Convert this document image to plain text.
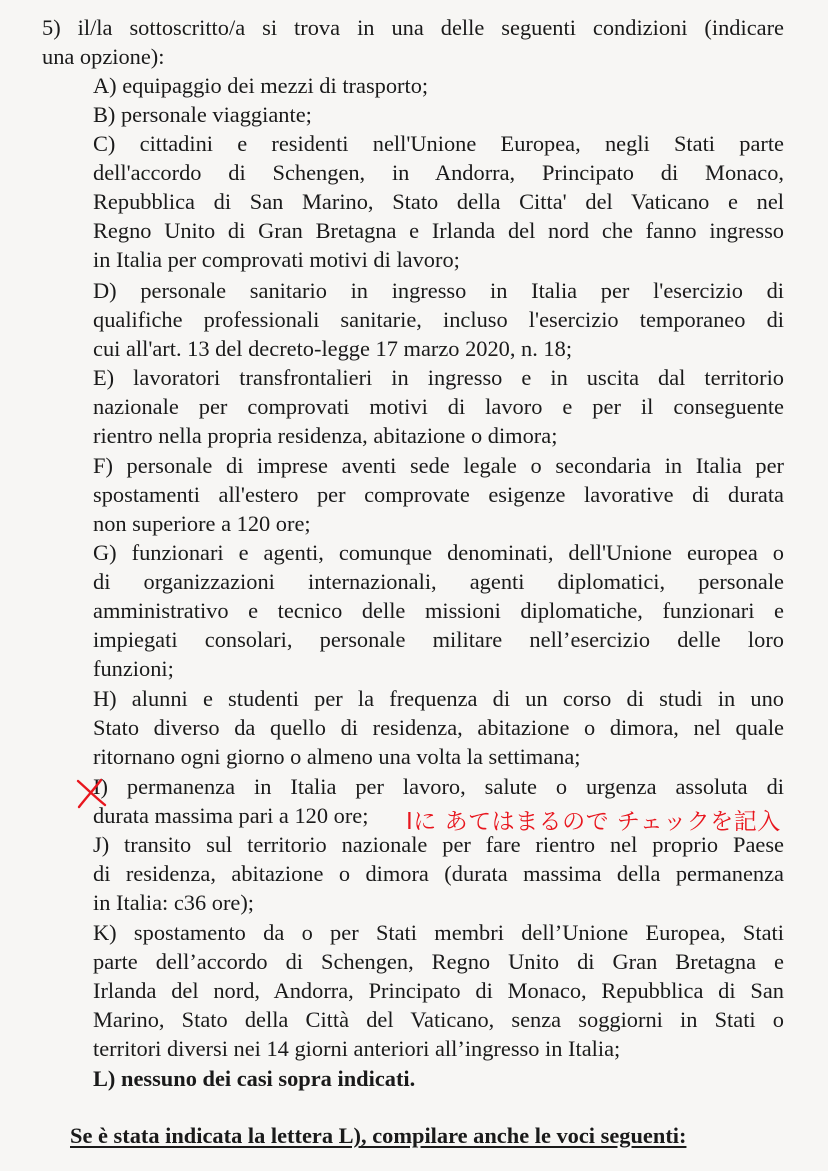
5) il/la sottoscritto/a si trova in una delle seguenti condizioni (indicare
una opzione):
A) equipaggio dei mezzi di trasporto;
B) personale viaggiante;
C) cittadini e residenti nell'Unione Europea, negli Stati parte
dell'accordo di Schengen, in Andorra, Principato di Monaco,
Repubblica di San Marino, Stato della Citta' del Vaticano e nel
Regno Unito di Gran Bretagna e Irlanda del nord che fanno ingresso
in Italia per comprovati motivi di lavoro;
D) personale sanitario in ingresso in Italia per l'esercizio di
qualifiche professionali sanitarie, incluso l'esercizio temporaneo di
cui all'art. 13 del decreto-legge 17 marzo 2020, n. 18;
E) lavoratori transfrontalieri in ingresso e in uscita dal territorio
nazionale per comprovati motivi di lavoro e per il conseguente
rientro nella propria residenza, abitazione o dimora;
F) personale di imprese aventi sede legale o secondaria in Italia per
spostamenti all'estero per comprovate esigenze lavorative di durata
non superiore a 120 ore;
G) funzionari e agenti, comunque denominati, dell'Unione europea o
di organizzazioni internazionali, agenti diplomatici, personale
amministrativo e tecnico delle missioni diplomatiche, funzionari e
impiegati consolari, personale militare nell’esercizio delle loro
funzioni;
H) alunni e studenti per la frequenza di un corso di studi in uno
Stato diverso da quello di residenza, abitazione o dimora, nel quale
ritornano ogni giorno o almeno una volta la settimana;
I) permanenza in Italia per lavoro, salute o urgenza assoluta di
durata massima pari a 120 ore;
J) transito sul territorio nazionale per fare rientro nel proprio Paese
di residenza, abitazione o dimora (durata massima della permanenza
in Italia: c36 ore);
K) spostamento da o per Stati membri dell’Unione Europea, Stati
parte dell’accordo di Schengen, Regno Unito di Gran Bretagna e
Irlanda del nord, Andorra, Principato di Monaco, Repubblica di San
Marino, Stato della Città del Vaticano, senza soggiorni in Stati o
territori diversi nei 14 giorni anteriori all’ingresso in Italia;
L) nessuno dei casi sopra indicati.
Se è stata indicata la lettera L), compilare anche le voci seguenti:
Iに あてはまるので チェックを記入
